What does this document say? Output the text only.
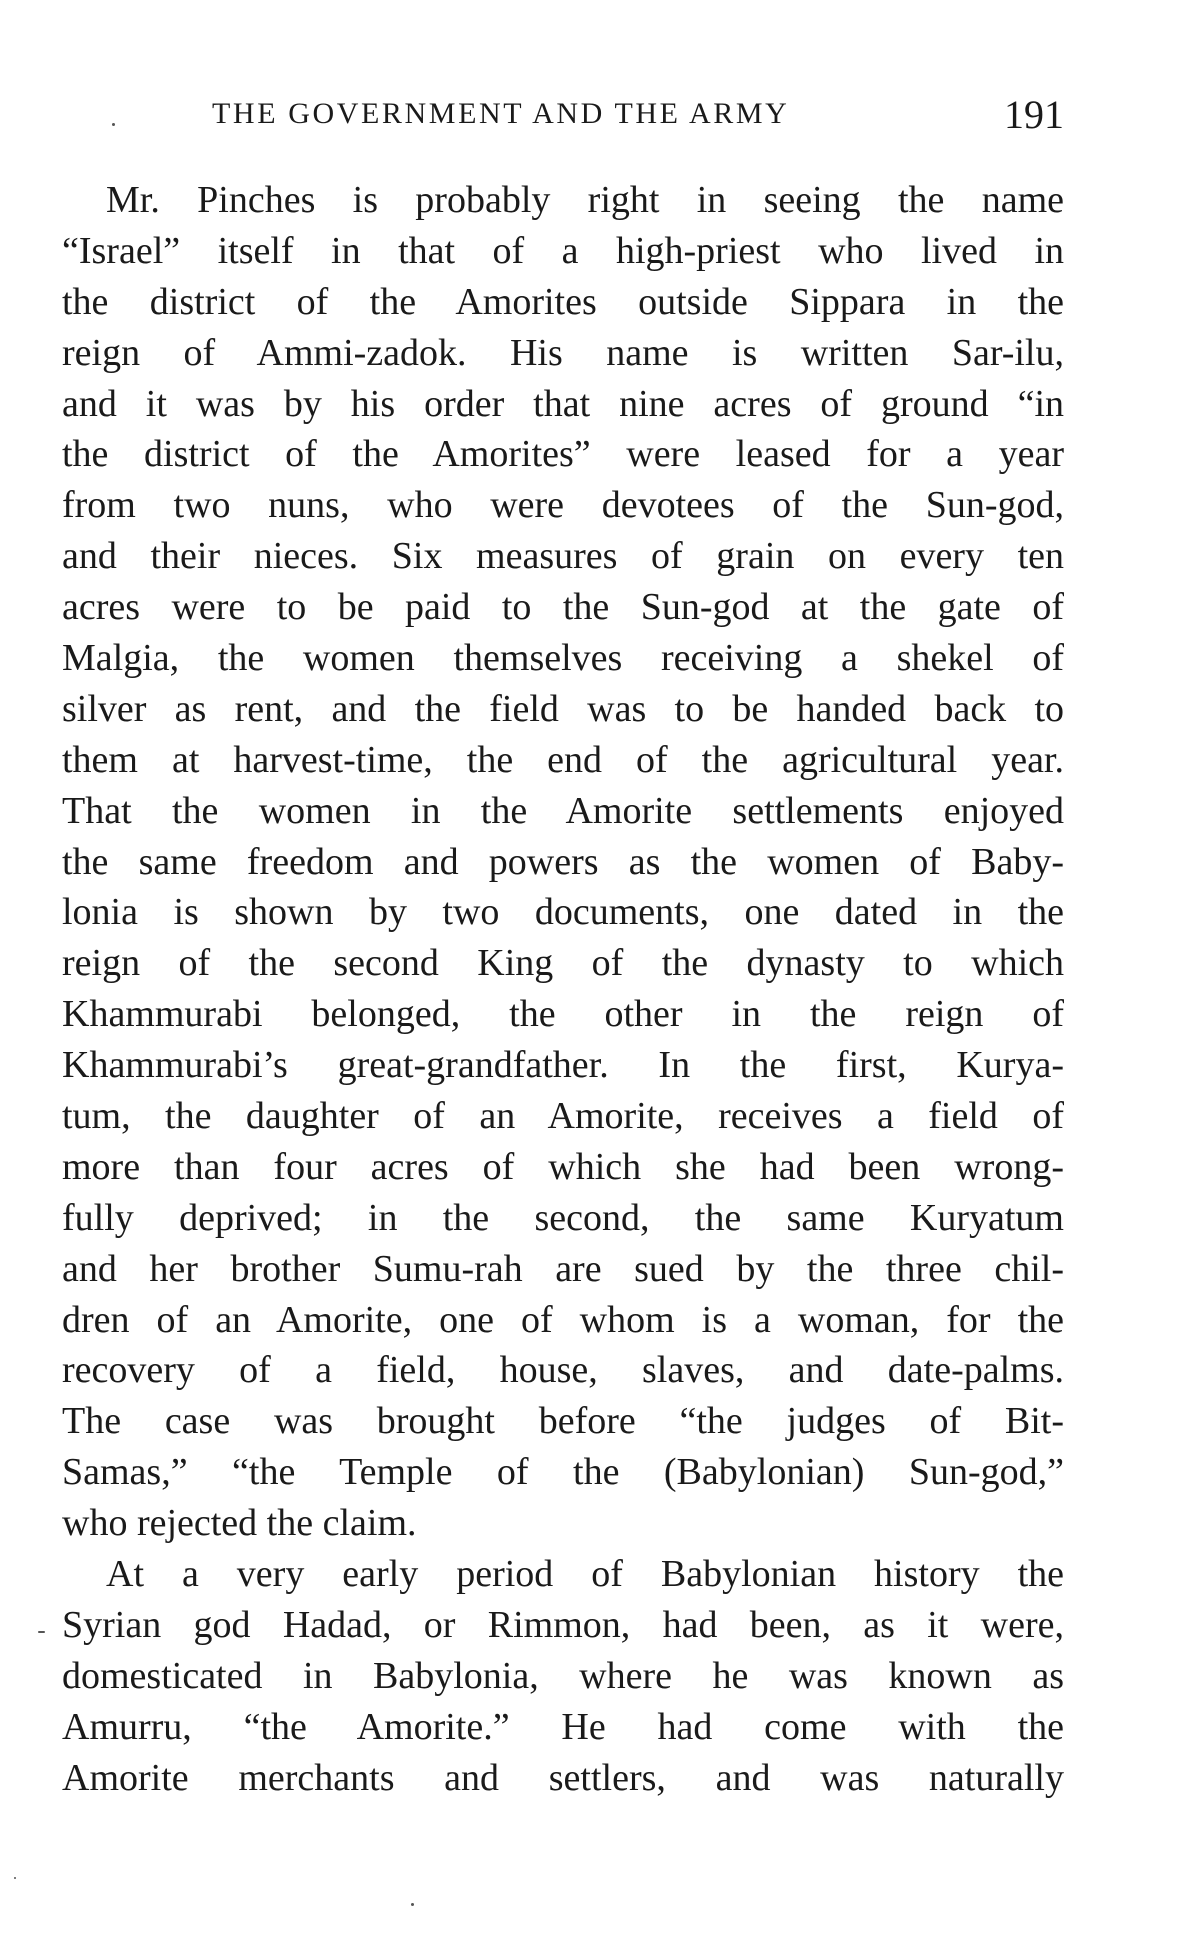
THE GOVERNMENT AND THE ARMY	191
Mr. Pinches is probably right in seeing the name
“Israel” itself in that of a high-priest who lived in
the district of the Amorites outside Sippara in the
reign of Ammi-zadok. His name is written Sar-ilu,
and it was by his order that nine acres of ground “in
the district of the Amorites” were leased for a year
from two nuns, who were devotees of the Sun-god,
and their nieces. Six measures of grain on every ten
acres were to be paid to the Sun-god at the gate of
Malgia, the women themselves receiving a shekel of
silver as rent, and the field was to be handed back to
them at harvest-time, the end of the agricultural year.
That the women in the Amorite settlements enjoyed
the same freedom and powers as the women of Baby-
lonia is shown by two documents, one dated in the
reign of the second King of the dynasty to which
Khammurabi belonged, the other in the reign of
Khammurabi’s great-grandfather. In the first, Kurya-
tum, the daughter of an Amorite, receives a field of
more than four acres of which she had been wrong-
fully deprived; in the second, the same Kuryatum
and her brother Sumu-rah are sued by the three chil-
dren of an Amorite, one of whom is a woman, for the
recovery of a field, house, slaves, and date-palms.
The case was brought before “the judges of Bit-
Samas,” “the Temple of the (Babylonian) Sun-god,”
who rejected the claim.
At a very early period of Babylonian history the
Syrian god Hadad, or Rimmon, had been, as it were,
domesticated in Babylonia, where he was known as
Amurru, “the Amorite.” He had come with the
Amorite merchants and settlers, and was naturally
